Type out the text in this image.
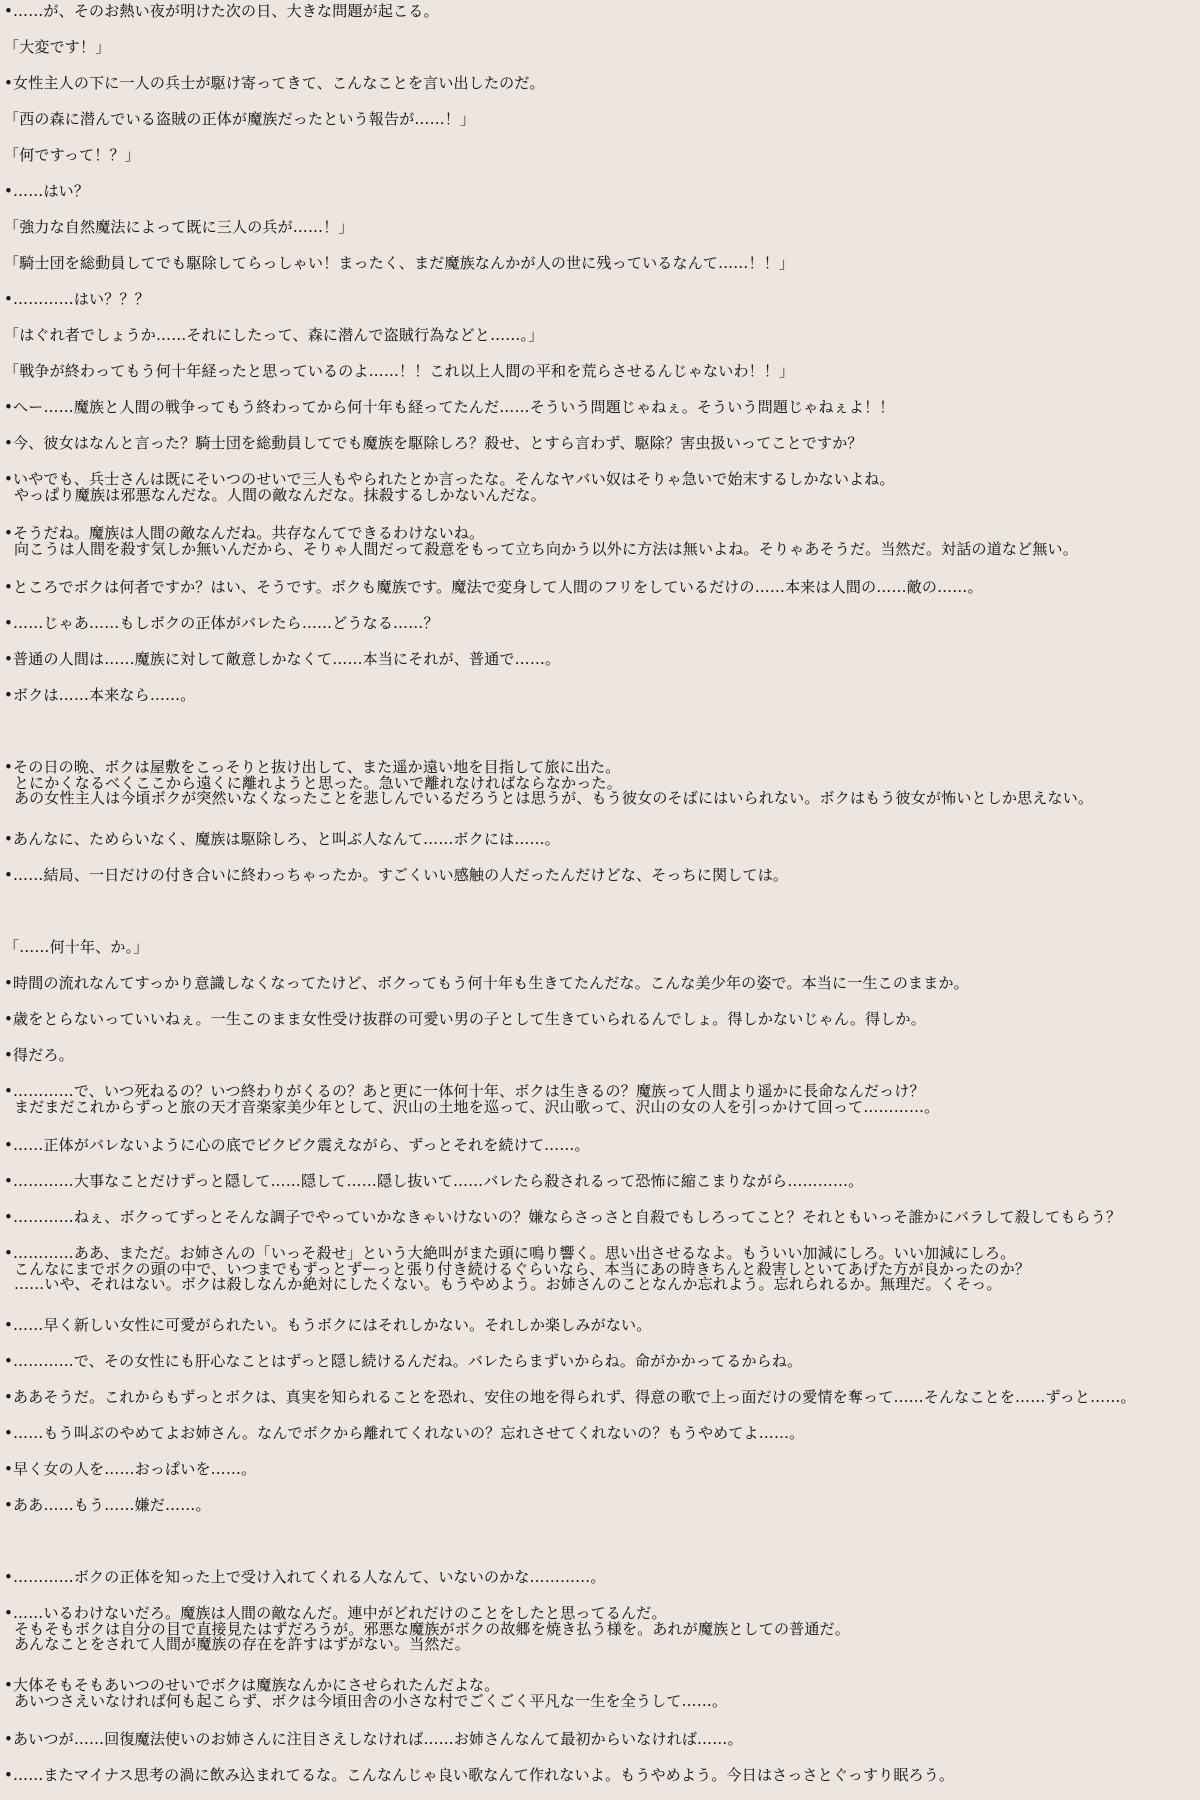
•……が、そのお熱い夜が明けた次の日、大きな問題が起こる。

「大変です！」

•女性主人の下に一人の兵士が駆け寄ってきて、こんなことを言い出したのだ。

「西の森に潜んでいる盗賊の正体が魔族だったという報告が……！」

「何ですって！？」

•……はい？

「強力な自然魔法によって既に三人の兵が……！」

「騎士団を総動員してでも駆除してらっしゃい！まったく、まだ魔族なんかが人の世に残っているなんて……！！」

•…………はい？？？

「はぐれ者でしょうか……それにしたって、森に潜んで盗賊行為などと……。」

「戦争が終わってもう何十年経ったと思っているのよ……！！これ以上人間の平和を荒らさせるんじゃないわ！！」

•へー……魔族と人間の戦争ってもう終わってから何十年も経ってたんだ……そういう問題じゃねぇ。そういう問題じゃねぇよ！！

•今、彼女はなんと言った？騎士団を総動員してでも魔族を駆除しろ？殺せ、とすら言わず、駆除？害虫扱いってことですか？

•いやでも、兵士さんは既にそいつのせいで三人もやられたとか言ったな。そんなヤバい奴はそりゃ急いで始末するしかないよね。
やっぱり魔族は邪悪なんだな。人間の敵なんだな。抹殺するしかないんだな。

•そうだね。魔族は人間の敵なんだね。共存なんてできるわけないね。
向こうは人間を殺す気しか無いんだから、そりゃ人間だって殺意をもって立ち向かう以外に方法は無いよね。そりゃあそうだ。当然だ。対話の道など無い。

•ところでボクは何者ですか？はい、そうです。ボクも魔族です。魔法で変身して人間のフリをしているだけの……本来は人間の……敵の……。

•……じゃあ……もしボクの正体がバレたら……どうなる……？

•普通の人間は……魔族に対して敵意しかなくて……本当にそれが、普通で……。

•ボクは……本来なら……。

•その日の晩、ボクは屋敷をこっそりと抜け出して、また遥か遠い地を目指して旅に出た。
とにかくなるべくここから遠くに離れようと思った。急いで離れなければならなかった。
あの女性主人は今頃ボクが突然いなくなったことを悲しんでいるだろうとは思うが、もう彼女のそばにはいられない。ボクはもう彼女が怖いとしか思えない。

•あんなに、ためらいなく、魔族は駆除しろ、と叫ぶ人なんて……ボクには……。

•……結局、一日だけの付き合いに終わっちゃったか。すごくいい感触の人だったんだけどな、そっちに関しては。

「……何十年、か。」

•時間の流れなんてすっかり意識しなくなってたけど、ボクってもう何十年も生きてたんだな。こんな美少年の姿で。本当に一生このままか。

•歳をとらないっていいねぇ。一生このまま女性受け抜群の可愛い男の子として生きていられるんでしょ。得しかないじゃん。得しか。

•得だろ。

•…………で、いつ死ねるの？いつ終わりがくるの？あと更に一体何十年、ボクは生きるの？魔族って人間より遥かに長命なんだっけ？
まだまだこれからずっと旅の天才音楽家美少年として、沢山の土地を巡って、沢山歌って、沢山の女の人を引っかけて回って…………。

•……正体がバレないように心の底でビクビク震えながら、ずっとそれを続けて……。

•…………大事なことだけずっと隠して……隠して……隠し抜いて……バレたら殺されるって恐怖に縮こまりながら…………。

•…………ねぇ、ボクってずっとそんな調子でやっていかなきゃいけないの？嫌ならさっさと自殺でもしろってこと？それともいっそ誰かにバラして殺してもらう？

•…………ああ、まただ。お姉さんの「いっそ殺せ」という大絶叫がまた頭に鳴り響く。思い出させるなよ。もういい加減にしろ。いい加減にしろ。
こんなにまでボクの頭の中で、いつまでもずっとずーっと張り付き続けるぐらいなら、本当にあの時きちんと殺害しといてあげた方が良かったのか？
……いや、それはない。ボクは殺しなんか絶対にしたくない。もうやめよう。お姉さんのことなんか忘れよう。忘れられるか。無理だ。くそっ。

•……早く新しい女性に可愛がられたい。もうボクにはそれしかない。それしか楽しみがない。

•…………で、その女性にも肝心なことはずっと隠し続けるんだね。バレたらまずいからね。命がかかってるからね。

•ああそうだ。これからもずっとボクは、真実を知られることを恐れ、安住の地を得られず、得意の歌で上っ面だけの愛情を奪って……そんなことを……ずっと……。

•……もう叫ぶのやめてよお姉さん。なんでボクから離れてくれないの？忘れさせてくれないの？もうやめてよ……。

•早く女の人を……おっぱいを……。

•ああ……もう……嫌だ……。

•…………ボクの正体を知った上で受け入れてくれる人なんて、いないのかな…………。

•……いるわけないだろ。魔族は人間の敵なんだ。連中がどれだけのことをしたと思ってるんだ。
そもそもボクは自分の目で直接見たはずだろうが。邪悪な魔族がボクの故郷を焼き払う様を。あれが魔族としての普通だ。
あんなことをされて人間が魔族の存在を許すはずがない。当然だ。

•大体そもそもあいつのせいでボクは魔族なんかにさせられたんだよな。
あいつさえいなければ何も起こらず、ボクは今頃田舎の小さな村でごくごく平凡な一生を全うして……。

•あいつが……回復魔法使いのお姉さんに注目さえしなければ……お姉さんなんて最初からいなければ……。

•……またマイナス思考の渦に飲み込まれてるな。こんなんじゃ良い歌なんて作れないよ。もうやめよう。今日はさっさとぐっすり眠ろう。
